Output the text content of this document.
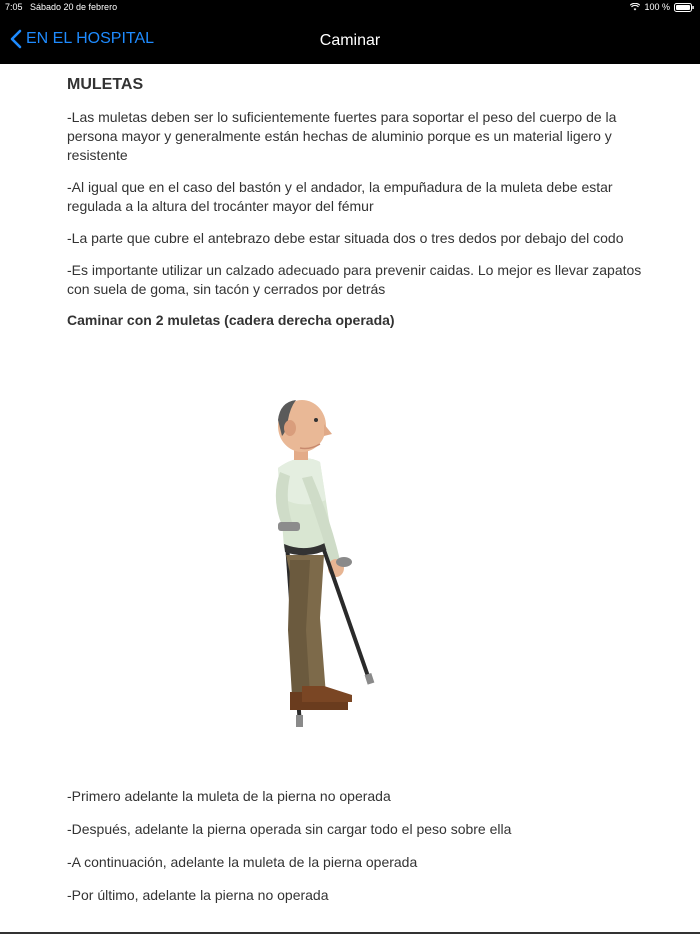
7:05 Sábado 20 de febrero	100 %
EN EL HOSPITAL	Caminar
MULETAS

-Las muletas deben ser lo suficientemente fuertes para soportar el peso del cuerpo de la persona mayor y generalmente están hechas de aluminio porque es un material ligero y resistente

-Al igual que en el caso del bastón y el andador, la empuñadura de la muleta debe estar regulada a la altura del trocánter mayor del fémur

-La parte que cubre el antebrazo debe estar situada dos o tres dedos por debajo del codo

-Es importante utilizar un calzado adecuado para prevenir caidas. Lo mejor es llevar zapatos con suela de goma, sin tacón y cerrados por detrás

Caminar con 2 muletas (cadera derecha operada)

-Primero adelante la muleta de la pierna no operada

-Después, adelante la pierna operada sin cargar todo el peso sobre ella

-A continuación, adelante la muleta de la pierna operada

-Por último, adelante la pierna no operada
